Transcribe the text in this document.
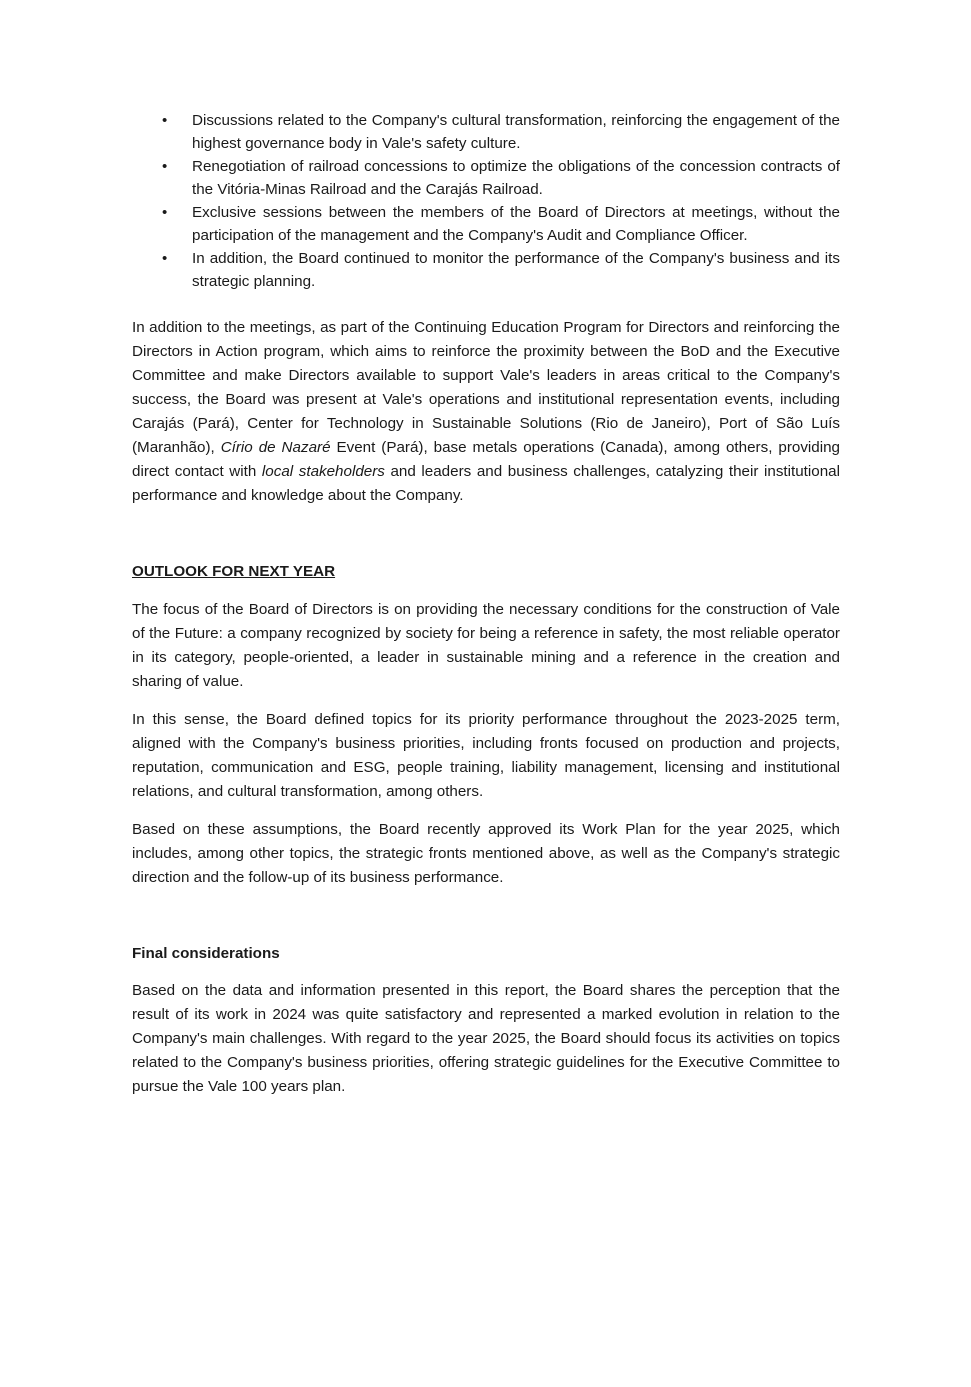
• Discussions related to the Company's cultural transformation, reinforcing the engagement of the highest governance body in Vale's safety culture.
• Renegotiation of railroad concessions to optimize the obligations of the concession contracts of the Vitória-Minas Railroad and the Carajás Railroad.
• Exclusive sessions between the members of the Board of Directors at meetings, without the participation of the management and the Company's Audit and Compliance Officer.
• In addition, the Board continued to monitor the performance of the Company's business and its strategic planning.

In addition to the meetings, as part of the Continuing Education Program for Directors and reinforcing the Directors in Action program, which aims to reinforce the proximity between the BoD and the Executive Committee and make Directors available to support Vale's leaders in areas critical to the Company's success, the Board was present at Vale's operations and institutional representation events, including Carajás (Pará), Center for Technology in Sustainable Solutions (Rio de Janeiro), Port of São Luís (Maranhão), Círio de Nazaré Event (Pará), base metals operations (Canada), among others, providing direct contact with local stakeholders and leaders and business challenges, catalyzing their institutional performance and knowledge about the Company.

OUTLOOK FOR NEXT YEAR

The focus of the Board of Directors is on providing the necessary conditions for the construction of Vale of the Future: a company recognized by society for being a reference in safety, the most reliable operator in its category, people-oriented, a leader in sustainable mining and a reference in the creation and sharing of value.

In this sense, the Board defined topics for its priority performance throughout the 2023-2025 term, aligned with the Company's business priorities, including fronts focused on production and projects, reputation, communication and ESG, people training, liability management, licensing and institutional relations, and cultural transformation, among others.

Based on these assumptions, the Board recently approved its Work Plan for the year 2025, which includes, among other topics, the strategic fronts mentioned above, as well as the Company's strategic direction and the follow-up of its business performance.

Final considerations

Based on the data and information presented in this report, the Board shares the perception that the result of its work in 2024 was quite satisfactory and represented a marked evolution in relation to the Company's main challenges. With regard to the year 2025, the Board should focus its activities on topics related to the Company's business priorities, offering strategic guidelines for the Executive Committee to pursue the Vale 100 years plan.
